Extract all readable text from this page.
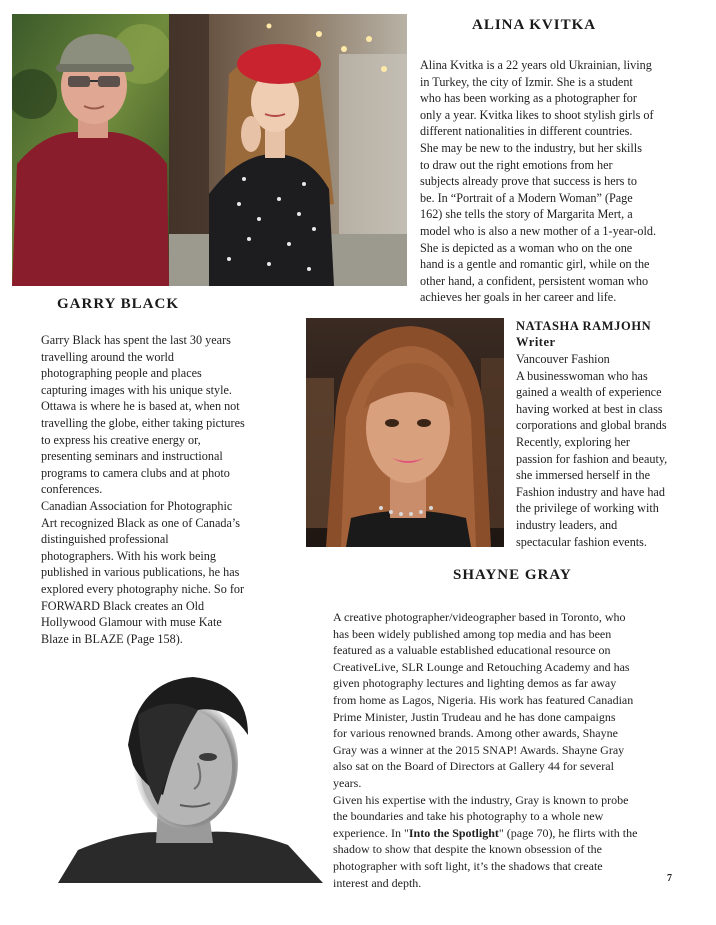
ALINA KVITKA

Alina Kvitka is a 22 years old Ukrainian, living
in Turkey, the city of Izmir. She is a student
who has been working as a photographer for
only a year. Kvitka likes to shoot stylish girls of
different nationalities in different countries.
She may be new to the industry, but her skills
to draw out the right emotions from her
subjects already prove that success is hers to
be. In “Portrait of a Modern Woman” (Page
162) she tells the story of Margarita Mert, a
model who is also a new mother of a 1-year-old.
She is depicted as a woman who on the one
hand is a gentle and romantic girl, while on the
other hand, a confident, persistent woman who
achieves her goals in her career and life.

GARRY BLACK

Garry Black has spent the last 30 years
travelling around the world
photographing people and places
capturing images with his unique style.
Ottawa is where he is based at, when not
travelling the globe, either taking pictures
to express his creative energy or,
presenting seminars and instructional
programs to camera clubs and at photo
conferences.
Canadian Association for Photographic
Art recognized Black as one of Canada’s
distinguished professional
photographers. With his work being
published in various publications, he has
explored every photography niche. So for
FORWARD Black creates an Old
Hollywood Glamour with muse Kate
Blaze in BLAZE (Page 158).

NATASHA RAMJOHN
Writer

Vancouver Fashion
A businesswoman who has
gained a wealth of experience
having worked at best in class
corporations and global brands
Recently, exploring her
passion for fashion and beauty,
she immersed herself in the
Fashion industry and have had
the privilege of working with
industry leaders, and
spectacular fashion events.

SHAYNE GRAY

A creative photographer/videographer based in Toronto, who
has been widely published among top media and has been
featured as a valuable established educational resource on
CreativeLive, SLR Lounge and Retouching Academy and has
given photography lectures and lighting demos as far away
from home as Lagos, Nigeria. His work has featured Canadian
Prime Minister, Justin Trudeau and he has done campaigns
for various renowned brands. Among other awards, Shayne
Gray was a winner at the 2015 SNAP! Awards. Shayne Gray
also sat on the Board of Directors at Gallery 44 for several
years.
Given his expertise with the industry, Gray is known to probe
the boundaries and take his photography to a whole new
experience. In "Into the Spotlight" (page 70), he flirts with the
shadow to show that despite the known obsession of the
photographer with soft light, it’s the shadows that create
interest and depth.	7
